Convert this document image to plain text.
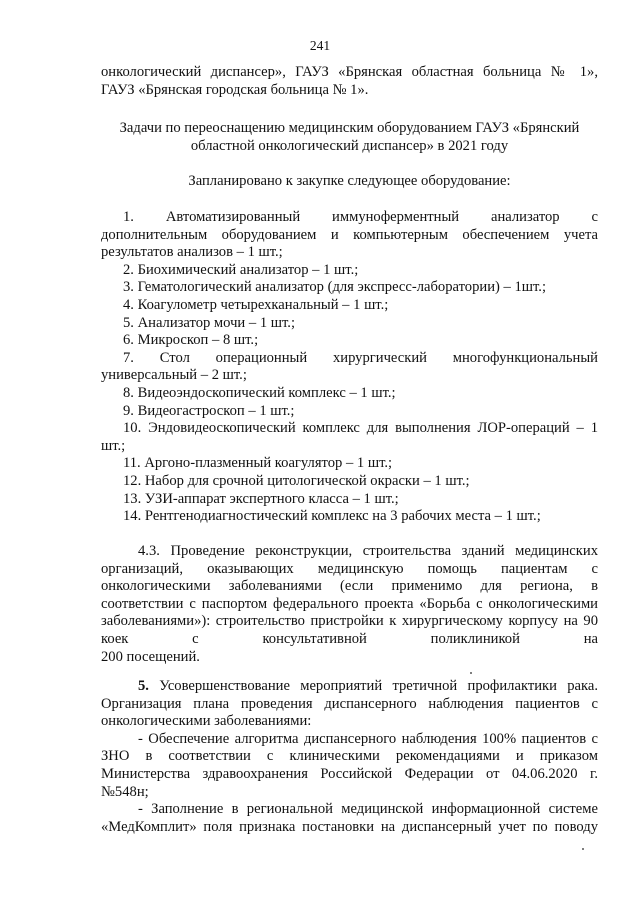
241
онкологический диспансер», ГАУЗ «Брянская областная больница № 1»,
ГАУЗ «Брянская городская больница № 1».
Задачи по переоснащению медицинским оборудованием ГАУЗ «Брянский
областной онкологический диспансер» в 2021 году
Запланировано к закупке следующее оборудование:
1. Автоматизированный иммуноферментный анализатор с
дополнительным оборудованием и компьютерным обеспечением учета
результатов анализов – 1 шт.;
2. Биохимический анализатор – 1 шт.;
3. Гематологический анализатор (для экспресс-лаборатории) – 1шт.;
4. Коагулометр четырехканальный – 1 шт.;
5. Анализатор мочи – 1 шт.;
6. Микроскоп – 8 шт.;
7. Стол операционный хирургический многофункциональный
универсальный – 2 шт.;
8. Видеоэндоскопический комплекс – 1 шт.;
9. Видеогастроскоп – 1 шт.;
10. Эндовидеоскопический комплекс для выполнения ЛОР-операций – 1
шт.;
11. Аргоно-плазменный коагулятор – 1 шт.;
12. Набор для срочной цитологической окраски – 1 шт.;
13. УЗИ-аппарат экспертного класса – 1 шт.;
14. Рентгенодиагностический комплекс на 3 рабочих места – 1 шт.;
4.3. Проведение реконструкции, строительства зданий медицинских
организаций, оказывающих медицинскую помощь пациентам с
онкологическими заболеваниями (если применимо для региона, в
соответствии с паспортом федерального проекта «Борьба с онкологическими
заболеваниями»): строительство пристройки к хирургическому корпусу на 90
коек с консультативной поликлиникой на
200 посещений.
5. Усовершенствование мероприятий третичной профилактики рака.
Организация плана проведения диспансерного наблюдения пациентов с
онкологическими заболеваниями:
- Обеспечение алгоритма диспансерного наблюдения 100% пациентов с
ЗНО в соответствии с клиническими рекомендациями и приказом
Министерства здравоохранения Российской Федерации от 04.06.2020 г.
№548н;
- Заполнение в региональной медицинской информационной системе
«МедКомплит» поля признака постановки на диспансерный учет по поводу
